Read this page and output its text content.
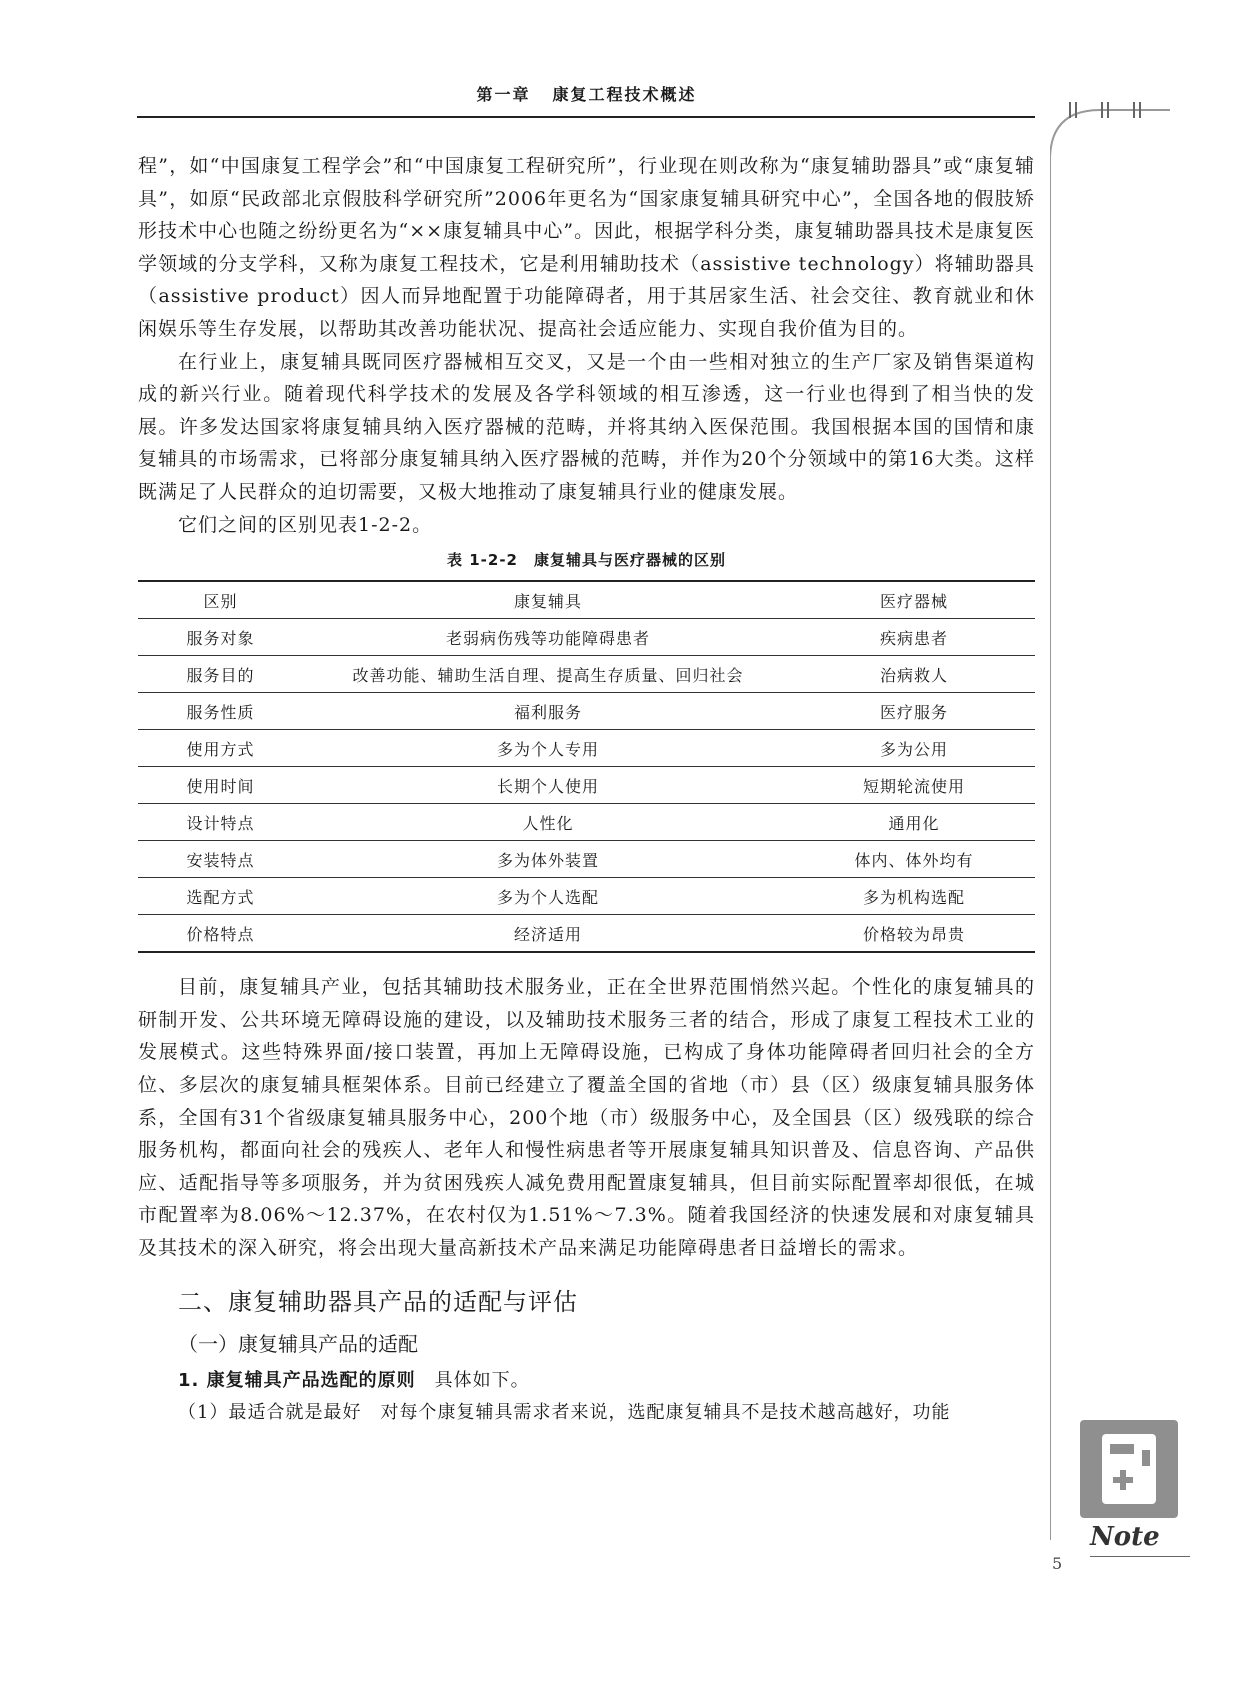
第一章 康复工程技术概述

程”，如“中国康复工程学会”和“中国康复工程研究所”，行业现在则改称为“康复辅助器具”或“康复辅具”，如原“民政部北京假肢科学研究所”2006年更名为“国家康复辅具研究中心”，全国各地的假肢矫形技术中心也随之纷纷更名为“××康复辅具中心”。因此，根据学科分类，康复辅助器具技术是康复医学领域的分支学科，又称为康复工程技术，它是利用辅助技术（assistive technology）将辅助器具（assistive product）因人而异地配置于功能障碍者，用于其居家生活、社会交往、教育就业和休闲娱乐等生存发展，以帮助其改善功能状况、提高社会适应能力、实现自我价值为目的。

在行业上，康复辅具既同医疗器械相互交叉，又是一个由一些相对独立的生产厂家及销售渠道构成的新兴行业。随着现代科学技术的发展及各学科领域的相互渗透，这一行业也得到了相当快的发展。许多发达国家将康复辅具纳入医疗器械的范畴，并将其纳入医保范围。我国根据本国的国情和康复辅具的市场需求，已将部分康复辅具纳入医疗器械的范畴，并作为20个分领域中的第16大类。这样既满足了人民群众的迫切需要，又极大地推动了康复辅具行业的健康发展。

它们之间的区别见表1-2-2。

表 1-2-2　康复辅具与医疗器械的区别
区别	康复辅具	医疗器械
服务对象	老弱病伤残等功能障碍患者	疾病患者
服务目的	改善功能、辅助生活自理、提高生存质量、回归社会	治病救人
服务性质	福利服务	医疗服务
使用方式	多为个人专用	多为公用
使用时间	长期个人使用	短期轮流使用
设计特点	人性化	通用化
安装特点	多为体外装置	体内、体外均有
选配方式	多为个人选配	多为机构选配
价格特点	经济适用	价格较为昂贵

目前，康复辅具产业，包括其辅助技术服务业，正在全世界范围悄然兴起。个性化的康复辅具的研制开发、公共环境无障碍设施的建设，以及辅助技术服务三者的结合，形成了康复工程技术工业的发展模式。这些特殊界面/接口装置，再加上无障碍设施，已构成了身体功能障碍者回归社会的全方位、多层次的康复辅具框架体系。目前已经建立了覆盖全国的省地（市）县（区）级康复辅具服务体系，全国有31个省级康复辅具服务中心，200个地（市）级服务中心，及全国县（区）级残联的综合服务机构，都面向社会的残疾人、老年人和慢性病患者等开展康复辅具知识普及、信息咨询、产品供应、适配指导等多项服务，并为贫困残疾人减免费用配置康复辅具，但目前实际配置率却很低，在城市配置率为8.06%～12.37%，在农村仅为1.51%～7.3%。随着我国经济的快速发展和对康复辅具及其技术的深入研究，将会出现大量高新技术产品来满足功能障碍患者日益增长的需求。

二、康复辅助器具产品的适配与评估
（一）康复辅具产品的适配

1. 康复辅具产品选配的原则　 具体如下。

（1）最适合就是最好　 对每个康复辅具需求者来说，选配康复辅具不是技术越高越好，功能

Note
5
